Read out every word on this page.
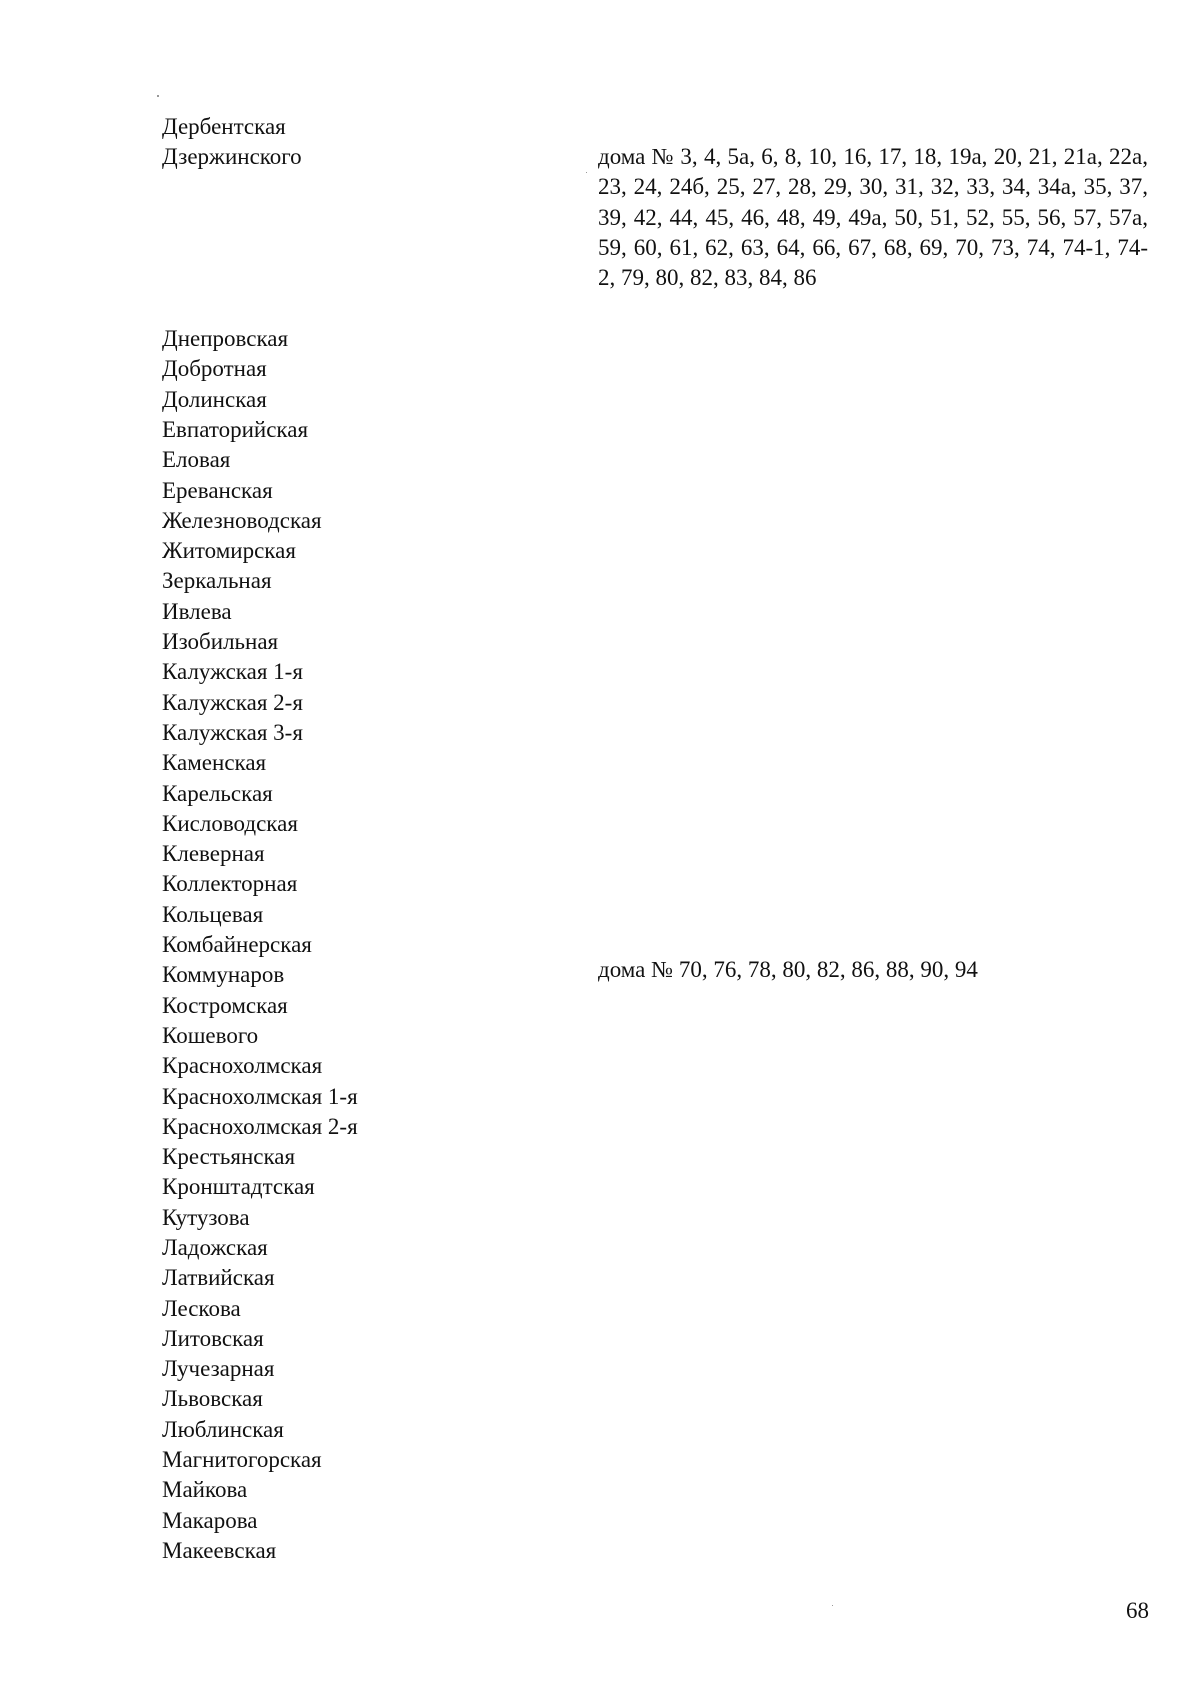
Дербентская
Дзержинского

Днепровская
Добротная
Долинская
Евпаторийская
Еловая
Ереванская
Железноводская
Житомирская
Зеркальная
Ивлева
Изобильная
Калужская 1-я
Калужская 2-я
Калужская 3-я
Каменская
Карельская
Кисловодская
Клеверная
Коллекторная
Кольцевая
Комбайнерская
Коммунаров
Костромская
Кошевого
Краснохолмская
Краснохолмская 1-я
Краснохолмская 2-я
Крестьянская
Кронштадтская
Кутузова
Ладожская
Латвийская
Лескова
Литовская
Лучезарная
Львовская
Люблинская
Магнитогорская
Майкова
Макарова
Макеевская
дома № 3, 4, 5а, 6, 8, 10, 16, 17, 18, 19а, 20, 21, 21а, 22а, 23, 24, 24б, 25, 27, 28, 29, 30, 31, 32, 33, 34, 34а, 35, 37, 39, 42, 44, 45, 46, 48, 49, 49а, 50, 51, 52, 55, 56, 57, 57а, 59, 60, 61, 62, 63, 64, 66, 67, 68, 69, 70, 73, 74, 74-1, 74-2, 79, 80, 82, 83, 84, 86
дома № 70, 76, 78, 80, 82, 86, 88, 90, 94
68
